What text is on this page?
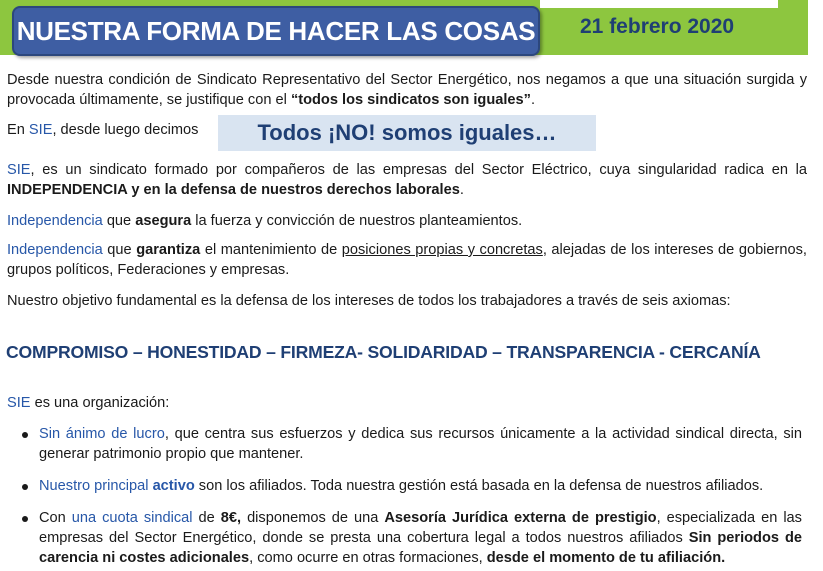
NUESTRA FORMA DE HACER LAS COSAS 21 febrero 2020
Desde nuestra condición de Sindicato Representativo del Sector Energético, nos negamos a que una situación surgida y provocada últimamente, se justifique con el “todos los sindicatos son iguales”.
En SIE, desde luego decimos	Todos ¡NO! somos iguales…
SIE, es un sindicato formado por compañeros de las empresas del Sector Eléctrico, cuya singularidad radica en la INDEPENDENCIA y en la defensa de nuestros derechos laborales.
Independencia que asegura la fuerza y convicción de nuestros planteamientos.
Independencia que garantiza el mantenimiento de posiciones propias y concretas, alejadas de los intereses de gobiernos, grupos políticos, Federaciones y empresas.
Nuestro objetivo fundamental es la defensa de los intereses de todos los trabajadores a través de seis axiomas:
COMPROMISO – HONESTIDAD – FIRMEZA- SOLIDARIDAD – TRANSPARENCIA - CERCANÍA
SIE es una organización:
Sin ánimo de lucro, que centra sus esfuerzos y dedica sus recursos únicamente a la actividad sindical directa, sin generar patrimonio propio que mantener.
Nuestro principal activo son los afiliados. Toda nuestra gestión está basada en la defensa de nuestros afiliados.
Con una cuota sindical de 8€, disponemos de una Asesoría Jurídica externa de prestigio, especializada en las empresas del Sector Energético, donde se presta una cobertura legal a todos nuestros afiliados Sin periodos de carencia ni costes adicionales, como ocurre en otras formaciones, desde el momento de tu afiliación.
